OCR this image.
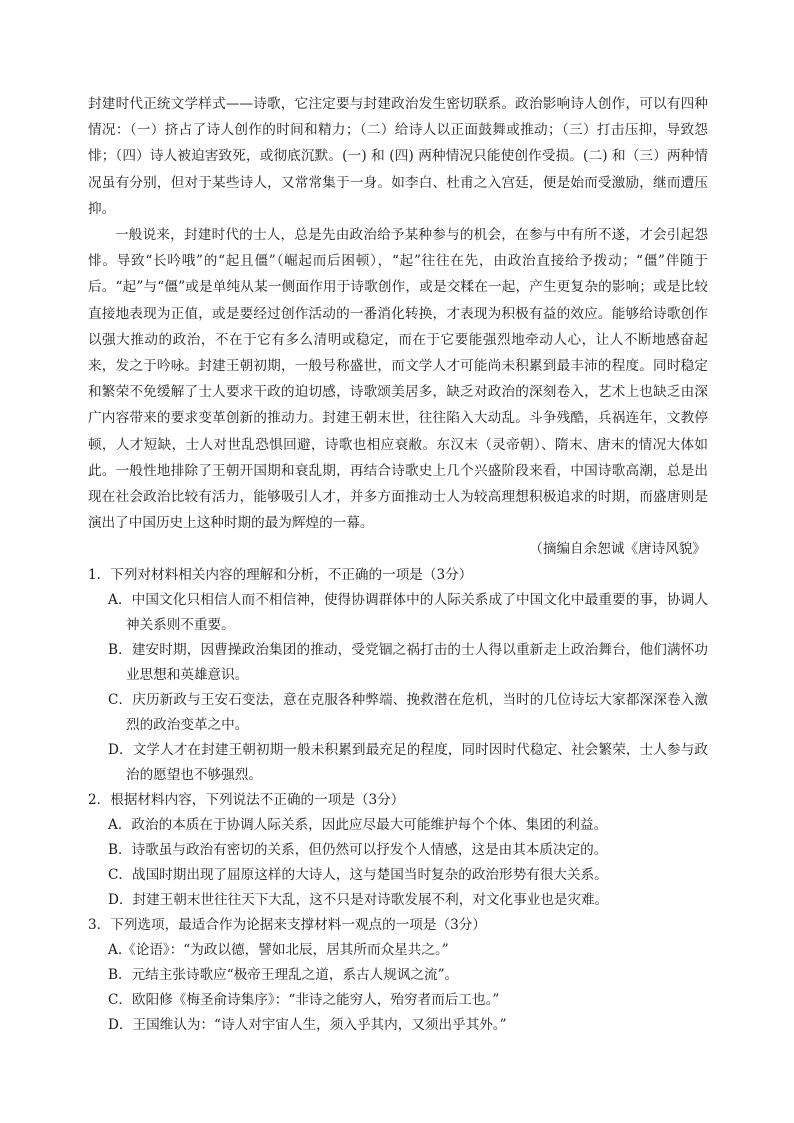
封建时代正统文学样式——诗歌，它注定要与封建政治发生密切联系。政治影响诗人创作，可以有四种情况：（一）挤占了诗人创作的时间和精力；（二）给诗人以正面鼓舞或推动；（三）打击压抑，导致怨悱；（四）诗人被迫害致死，或彻底沉默。(一) 和 (四) 两种情况只能使创作受损。(二) 和（三）两种情况虽有分别，但对于某些诗人，又常常集于一身。如李白、杜甫之入宫廷，便是始而受激励，继而遭压抑。

一般说来，封建时代的士人，总是先由政治给予某种参与的机会，在参与中有所不遂，才会引起怨悱。导致“长吟哦”的“起且僵”（崛起而后困顿），“起”往往在先，由政治直接给予拨动；“僵”伴随于后。“起”与“僵”或是单纯从某一侧面作用于诗歌创作，或是交糅在一起，产生更复杂的影响；或是比较直接地表现为正值，或是要经过创作活动的一番消化转换，才表现为积极有益的效应。能够给诗歌创作以强大推动的政治，不在于它有多么清明或稳定，而在于它要能强烈地牵动人心，让人不断地感奋起来，发之于吟咏。封建王朝初期，一般号称盛世，而文学人才可能尚未积累到最丰沛的程度。同时稳定和繁荣不免缓解了士人要求干政的迫切感，诗歌颂美居多，缺乏对政治的深刻卷入，艺术上也缺乏由深广内容带来的要求变革创新的推动力。封建王朝末世，往往陷入大动乱。斗争残酷，兵祸连年，文教停顿，人才短缺，士人对世乱恐惧回避，诗歌也相应衰敝。东汉末（灵帝朝）、隋末、唐末的情况大体如此。一般性地排除了王朝开国期和衰乱期，再结合诗歌史上几个兴盛阶段来看，中国诗歌高潮，总是出现在社会政治比较有活力，能够吸引人才，并多方面推动士人为较高理想积极追求的时期，而盛唐则是演出了中国历史上这种时期的最为辉煌的一幕。

（摘编自余恕诚《唐诗风貌》

1．下列对材料相关内容的理解和分析，不正确的一项是（3分）

A．中国文化只相信人而不相信神，使得协调群体中的人际关系成了中国文化中最重要的事，协调人神关系则不重要。
B．建安时期，因曹操政治集团的推动，受党锢之祸打击的士人得以重新走上政治舞台，他们满怀功业思想和英雄意识。
C．庆历新政与王安石变法，意在克服各种弊端、挽救潜在危机，当时的几位诗坛大家都深深卷入激烈的政治变革之中。
D．文学人才在封建王朝初期一般未积累到最充足的程度，同时因时代稳定、社会繁荣，士人参与政治的愿望也不够强烈。

2．根据材料内容，下列说法不正确的一项是（3分）

A．政治的本质在于协调人际关系，因此应尽最大可能维护每个个体、集团的利益。
B．诗歌虽与政治有密切的关系，但仍然可以抒发个人情感，这是由其本质决定的。
C．战国时期出现了屈原这样的大诗人，这与楚国当时复杂的政治形势有很大关系。
D．封建王朝末世往往天下大乱，这不只是对诗歌发展不利，对文化事业也是灾难。

3．下列选项，最适合作为论据来支撑材料一观点的一项是（3分）

A.《论语》：“为政以德，譬如北辰，居其所而众星共之。”
B．元结主张诗歌应“极帝王理乱之道，系古人规讽之流”。
C．欧阳修《梅圣俞诗集序》：“非诗之能穷人，殆穷者而后工也。”
D．王国维认为：“诗人对宇宙人生，须入乎其内，又须出乎其外。”
